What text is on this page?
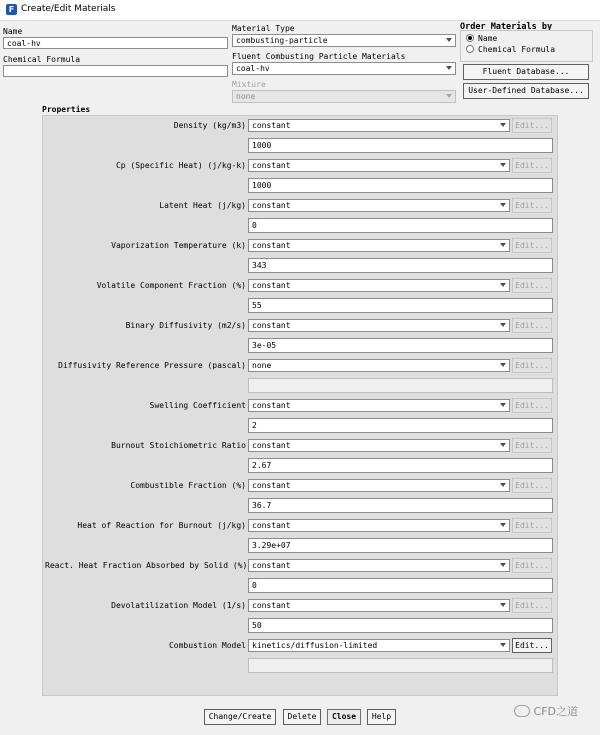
F Create/Edit Materials
Name
coal-hv
Chemical Formula
Material Type
combusting-particle
Fluent Combusting Particle Materials
coal-hv
Mixture
none
Order Materials by
Name
Chemical Formula
Fluent Database...
User-Defined Database...
Properties
Density (kg/m3) constant	Edit...
1000
Cp (Specific Heat) (j/kg-k) constant	Edit...
1000
Latent Heat (j/kg) constant	Edit...
0
Vaporization Temperature (k) constant	Edit...
343
Volatile Component Fraction (%) constant	Edit...
55
Binary Diffusivity (m2/s) constant	Edit...
3e-05
Diffusivity Reference Pressure (pascal) none	Edit...
Swelling Coefficient constant	Edit...
2
Burnout Stoichiometric Ratio constant	Edit...
2.67
Combustible Fraction (%) constant	Edit...
36.7
Heat of Reaction for Burnout (j/kg) constant	Edit...
3.29e+07
React. Heat Fraction Absorbed by Solid (%) constant	Edit...
0
Devolatilization Model (1/s) constant	Edit...
50
Combustion Model kinetics/diffusion-limited	Edit...
Change/Create	Delete	Close	Help	CFD之道
